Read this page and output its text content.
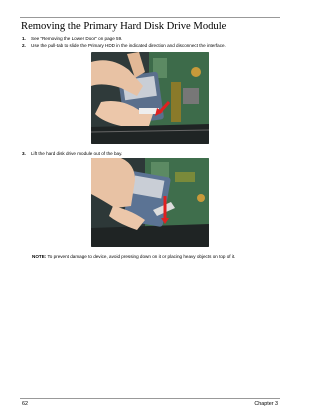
Removing the Primary Hard Disk Drive Module
1. See “Removing the Lower Door” on page 59.
2. Use the pull-tab to slide the Primary HDD in the indicated direction and disconnect the interface.
3. Lift the hard disk drive module out of the bay.
NOTE: To prevent damage to device, avoid pressing down on it or placing heavy objects on top of it.
62	Chapter 3
